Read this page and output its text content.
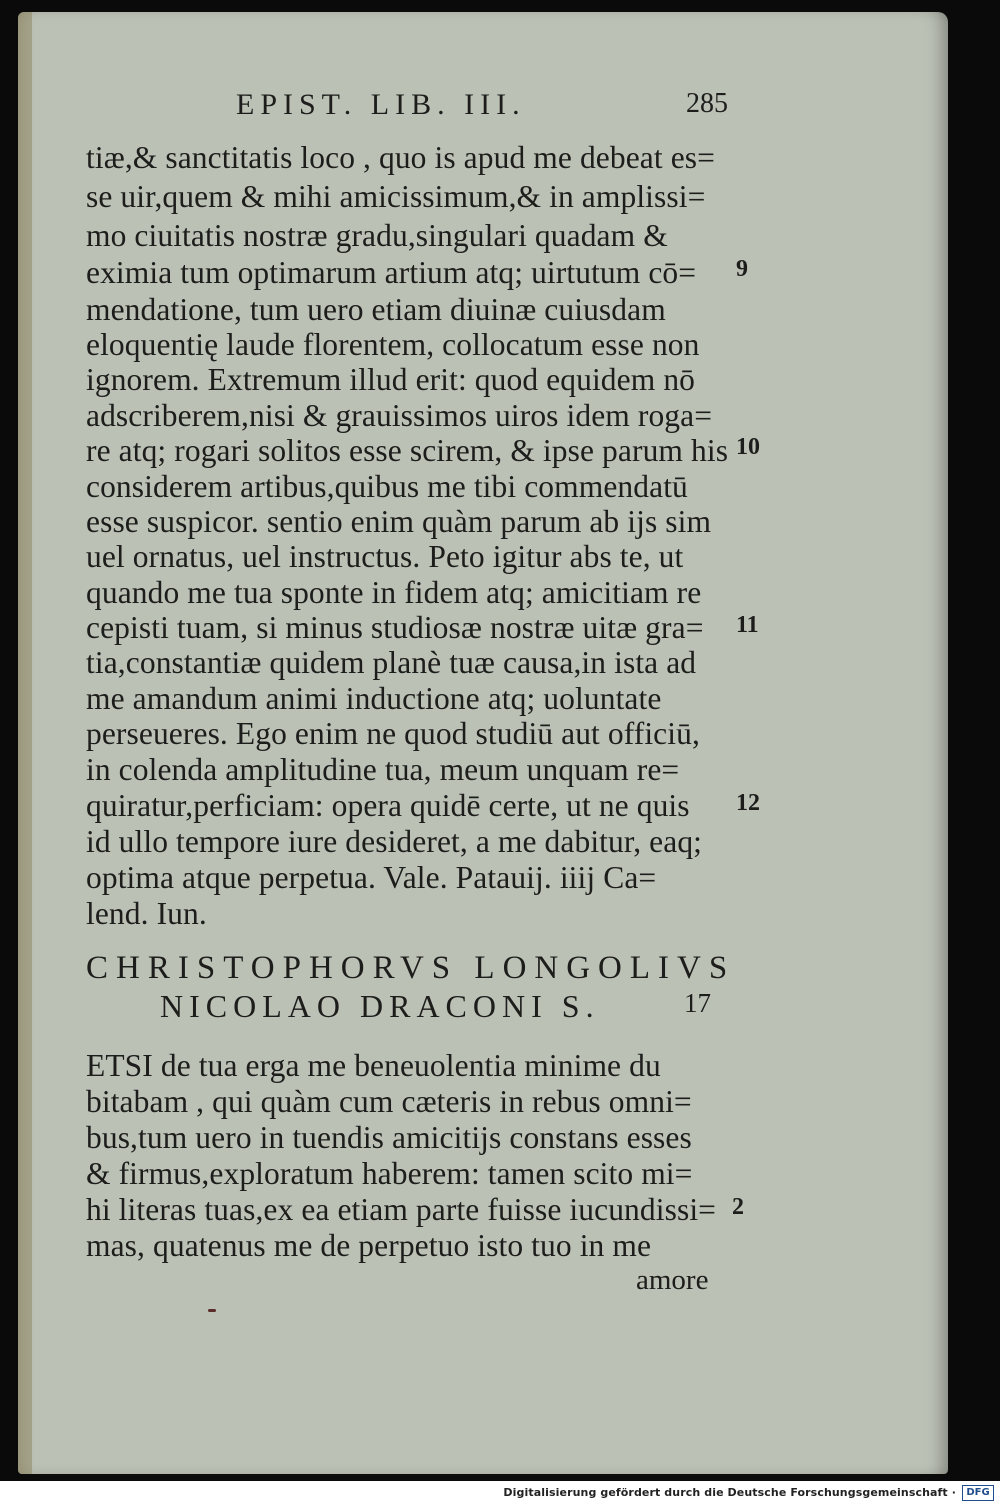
EPIST. LIB. III.	285
tiæ,& sanctitatis loco , quo is apud me debeat es=
se uir,quem & mihi amicissimum,& in amplissi=
mo ciuitatis nostræ gradu,singulari quadam &
eximia tum optimarum artium atq; uirtutum cō=
mendatione, tum uero etiam diuinæ cuiusdam
eloquentię laude florentem, collocatum esse non
ignorem. Extremum illud erit: quod equidem nō
adscriberem,nisi & grauissimos uiros idem roga=
re atq; rogari solitos esse scirem, & ipse parum his
considerem artibus,quibus me tibi commendatū
esse suspicor. sentio enim quàm parum ab ijs sim
uel ornatus, uel instructus. Peto igitur abs te, ut
quando me tua sponte in fidem atq; amicitiam re
cepisti tuam, si minus studiosæ nostræ uitæ gra=
tia,constantiæ quidem planè tuæ causa,in ista ad
me amandum animi inductione atq; uoluntate
perseueres. Ego enim ne quod studiū aut officiū,
in colenda amplitudine tua, meum unquam re=
quiratur,perficiam: opera quidē certe, ut ne quis
id ullo tempore iure desideret, a me dabitur, eaq;
optima atque perpetua. Vale. Patauij. iiij Ca=
lend. Iun.
9
10
11
12
CHRISTOPHORVS LONGOLIVS
NICOLAO DRACONI S.	17
ETSI de tua erga me beneuolentia minime du
bitabam , qui quàm cum cæteris in rebus omni=
bus,tum uero in tuendis amicitijs constans esses
& firmus,exploratum haberem: tamen scito mi=
hi literas tuas,ex ea etiam parte fuisse iucundissi=
mas, quatenus me de perpetuo isto tuo in me
2
amore
Digitalisierung gefördert durch die Deutsche Forschungsgemeinschaft ·	DFG
